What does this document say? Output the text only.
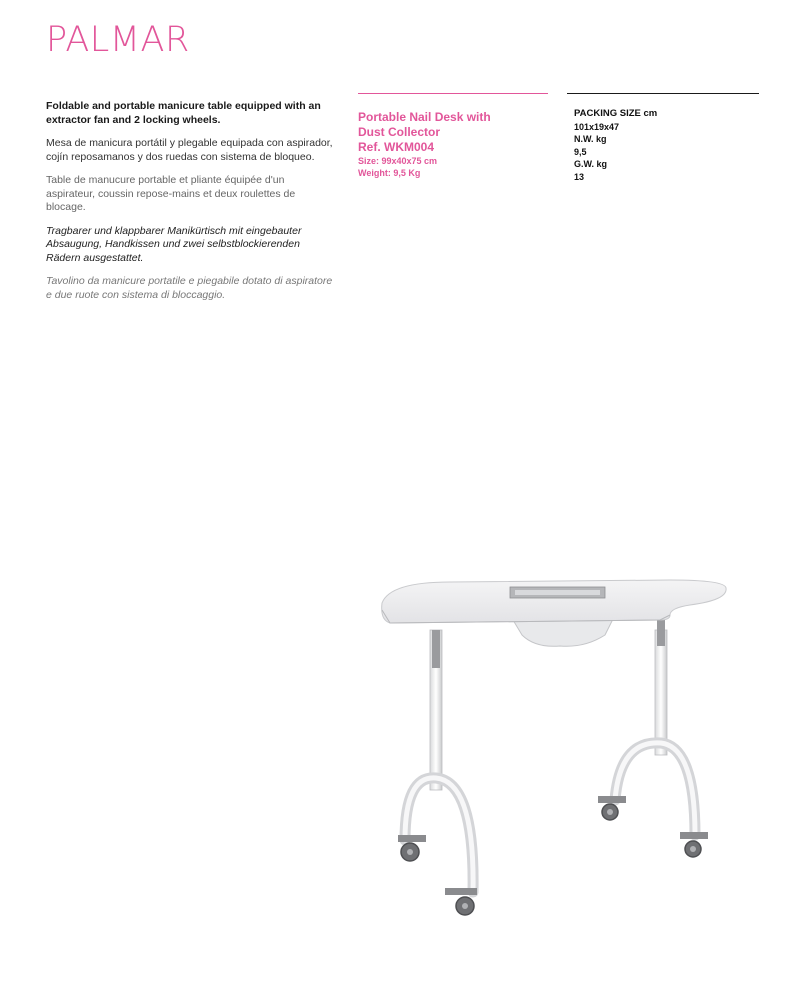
PALMAR

Foldable and portable manicure table equipped with an extractor fan and 2 locking wheels.

Mesa de manicura portátil y plegable equipada con aspirador, cojín reposamanos y dos ruedas con sistema de bloqueo.

Table de manucure portable et pliante équipée d'un aspirateur, coussin repose-mains et deux roulettes de blocage.

Tragbarer und klappbarer Manikürtisch mit eingebauter Absaugung, Handkissen und zwei selbstblockierenden Rädern ausgestattet.

Tavolino da manicure portatile e piegabile dotato di aspiratore e due ruote con sistema di bloccaggio.

Portable Nail Desk with
Dust Collector
Ref. WKM004
Size: 99x40x75 cm
Weight: 9,5 Kg
PACKING SIZE cm
101x19x47
N.W. kg
9,5
G.W. kg
13
